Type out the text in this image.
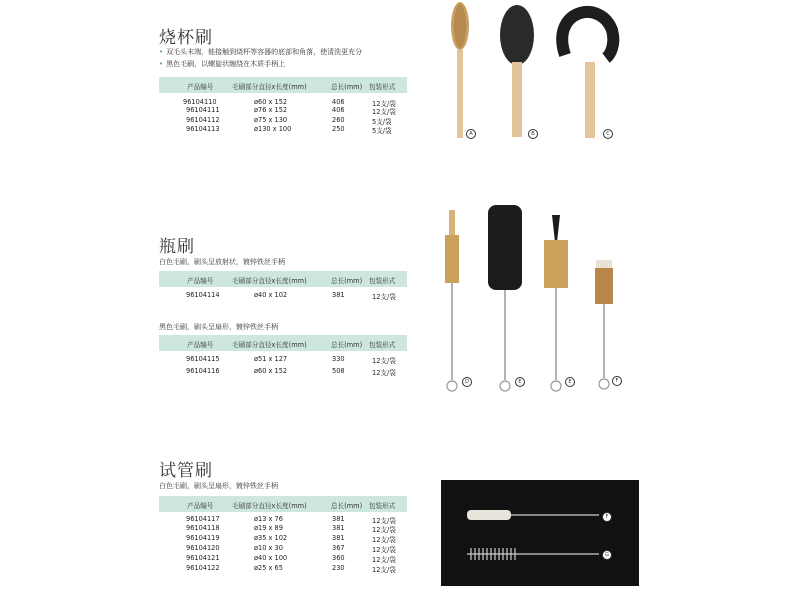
烧杯刷
• 双毛头末端，能接触到烧杯等容器的底部和角落，使清洗更充分
• 黑色毛刷，以螺旋状缠绕在木质手柄上
产品编号	毛刷部分直径x长度(mm)	总长(mm) 包装形式
96104110	ø60 x 152	406	12支/袋
96104111	ø76 x 152	406	12支/袋
96104112	ø75 x 130	260	5支/袋
96104113	ø130 x 100	250	5支/袋	A	B	C
瓶刷
白色毛刷，刷头呈放射状，镀锌铁丝手柄
产品编号	毛刷部分直径x长度(mm)	总长(mm) 包装形式
96104114	ø40 x 102	381	12支/袋
黑色毛刷，刷头呈扇形，镀锌铁丝手柄
产品编号	毛刷部分直径x长度(mm)	总长(mm) 包装形式
96104115	ø51 x 127	330	12支/袋
96104116	ø60 x 152	508	12支/袋
D	E	E	F
试管刷
白色毛刷，刷头呈扇形，镀锌铁丝手柄
产品编号	毛刷部分直径x长度(mm)	总长(mm) 包装形式
96104117	ø13 x 76	381	12支/袋
96104118	ø19 x 89	381	12支/袋
96104119	ø35 x 102	381	12支/袋
96104120	ø10 x 30	367	12支/袋
96104121	ø40 x 100	360	12支/袋
96104122	ø25 x 65	230	12支/袋
F
G
